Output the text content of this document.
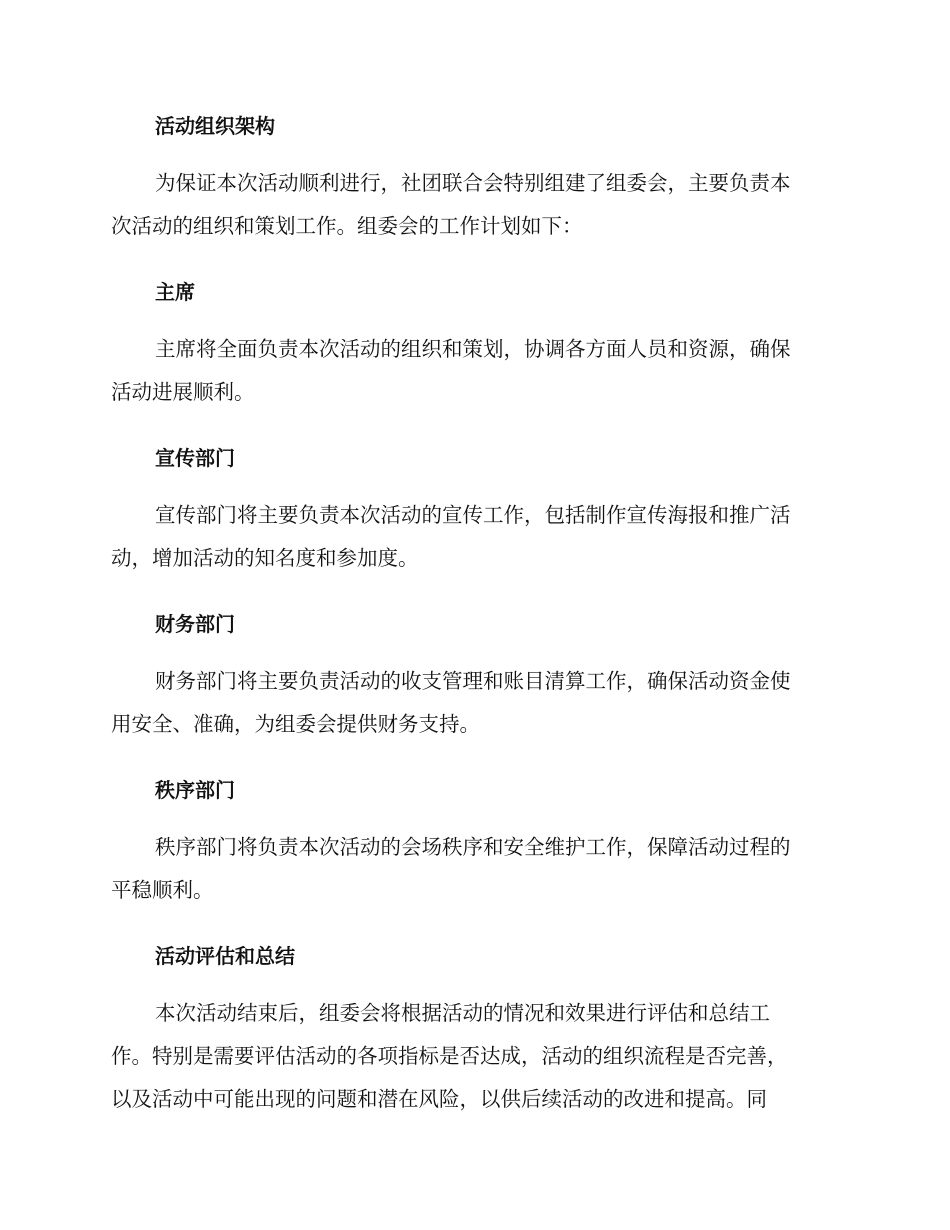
活动组织架构
为保证本次活动顺利进行，社团联合会特别组建了组委会，主要负责本
次活动的组织和策划工作。组委会的工作计划如下：
主席
主席将全面负责本次活动的组织和策划，协调各方面人员和资源，确保
活动进展顺利。
宣传部门
宣传部门将主要负责本次活动的宣传工作，包括制作宣传海报和推广活
动，增加活动的知名度和参加度。
财务部门
财务部门将主要负责活动的收支管理和账目清算工作，确保活动资金使
用安全、准确，为组委会提供财务支持。
秩序部门
秩序部门将负责本次活动的会场秩序和安全维护工作，保障活动过程的
平稳顺利。
活动评估和总结
本次活动结束后，组委会将根据活动的情况和效果进行评估和总结工
作。特别是需要评估活动的各项指标是否达成，活动的组织流程是否完善，
以及活动中可能出现的问题和潜在风险，以供后续活动的改进和提高。同
